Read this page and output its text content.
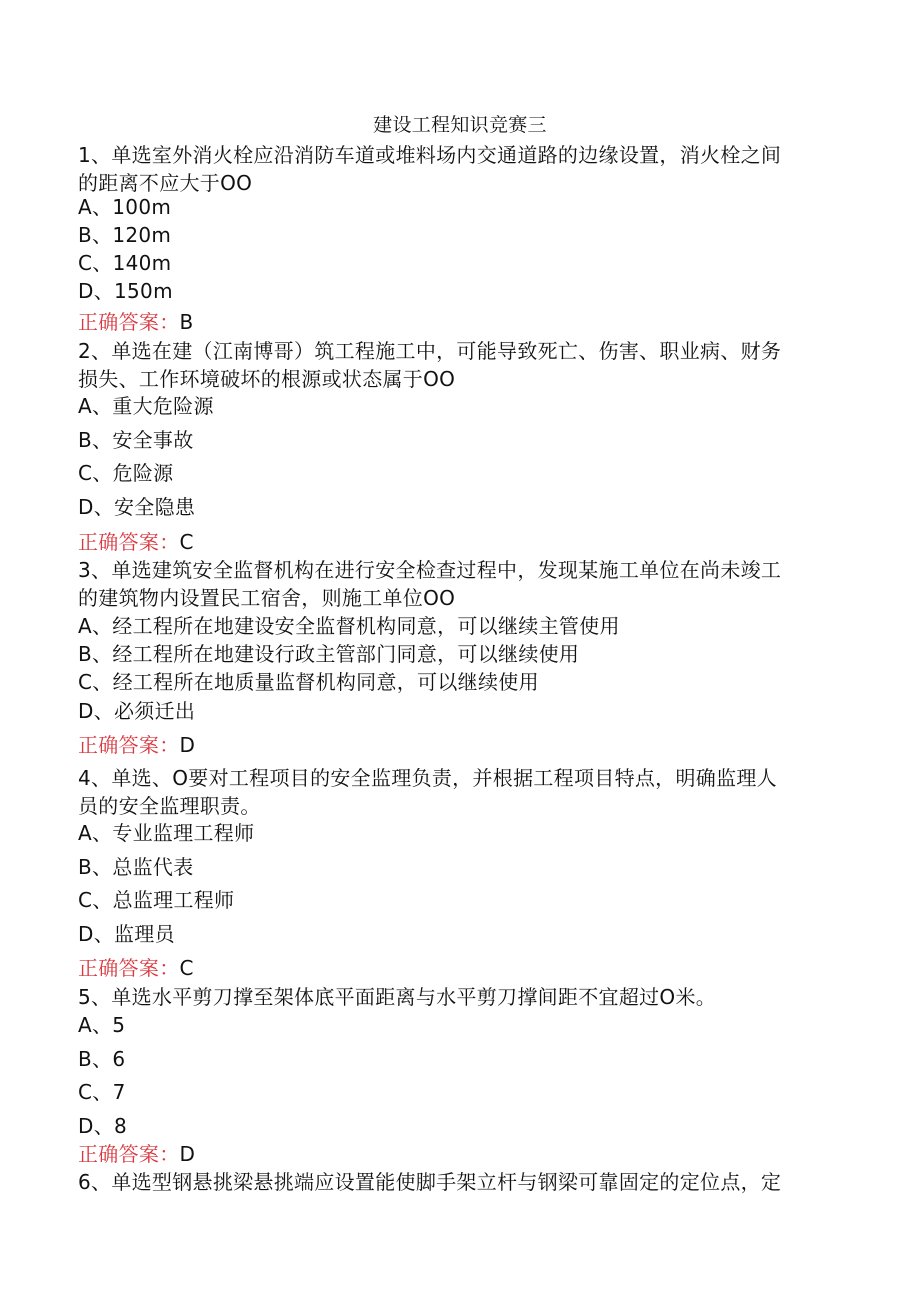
建设工程知识竞赛三
1、单选室外消火栓应沿消防车道或堆料场内交通道路的边缘设置，消火栓之间
的距离不应大于OO
A、100m
B、120m
C、140m
D、150m
正确答案：B
2、单选在建（江南博哥）筑工程施工中，可能导致死亡、伤害、职业病、财务
损失、工作环境破坏的根源或状态属于OO
A、重大危险源
B、安全事故
C、危险源
D、安全隐患
正确答案：C
3、单选建筑安全监督机构在进行安全检查过程中，发现某施工单位在尚未竣工
的建筑物内设置民工宿舍，则施工单位OO
A、经工程所在地建设安全监督机构同意，可以继续主管使用
B、经工程所在地建设行政主管部门同意，可以继续使用
C、经工程所在地质量监督机构同意，可以继续使用
D、必须迁出
正确答案：D
4、单选、O要对工程项目的安全监理负责，并根据工程项目特点，明确监理人
员的安全监理职责。
A、专业监理工程师
B、总监代表
C、总监理工程师
D、监理员
正确答案：C
5、单选水平剪刀撑至架体底平面距离与水平剪刀撑间距不宜超过O米。
A、5
B、6
C、7
D、8
正确答案：D
6、单选型钢悬挑梁悬挑端应设置能使脚手架立杆与钢梁可靠固定的定位点，定
